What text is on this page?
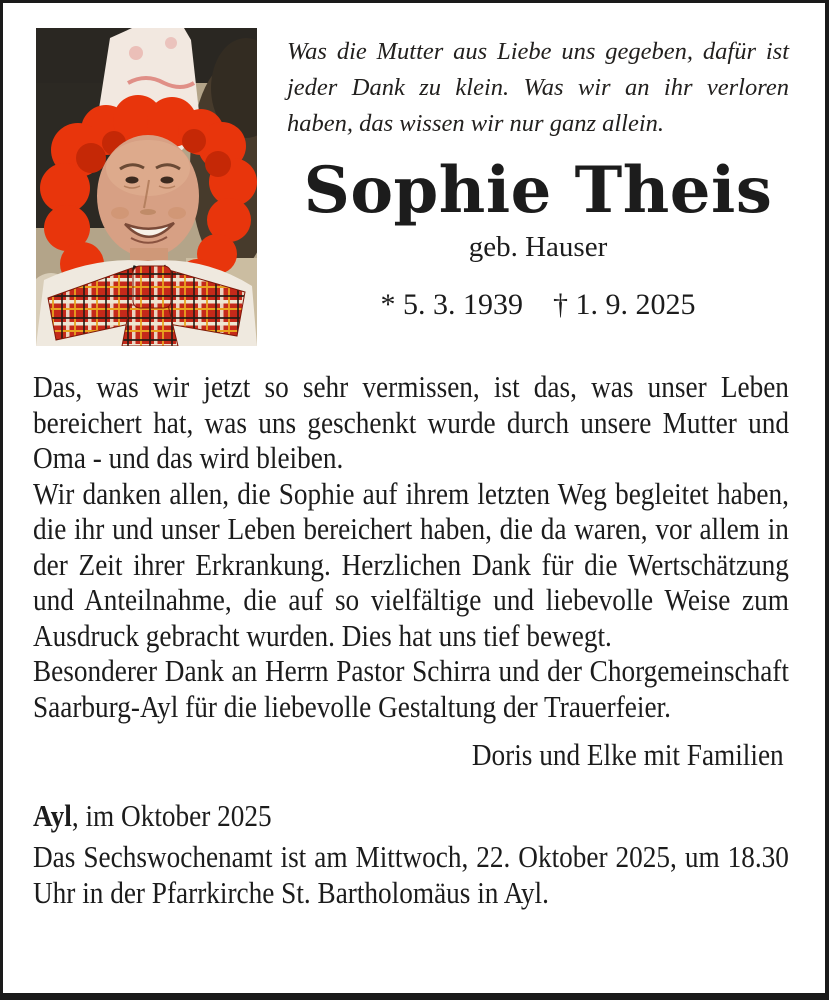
Was die Mutter aus Liebe uns gegeben, dafür ist jeder Dank zu klein. Was wir an ihr verloren haben, das wissen wir nur ganz allein.
Sophie Theis
geb. Hauser
* 5. 3. 1939 † 1. 9. 2025

Das, was wir jetzt so sehr vermissen, ist das, was unser Leben bereichert hat, was uns geschenkt wurde durch unsere Mutter und Oma - und das wird bleiben.

Wir danken allen, die Sophie auf ihrem letzten Weg begleitet haben, die ihr und unser Leben bereichert haben, die da waren, vor allem in der Zeit ihrer Erkrankung. Herzlichen Dank für die Wertschätzung und Anteilnahme, die auf so vielfältige und liebevolle Weise zum Ausdruck gebracht wurden. Dies hat uns tief bewegt.

Besonderer Dank an Herrn Pastor Schirra und der Chorgemeinschaft Saarburg-Ayl für die liebevolle Gestaltung der Trauerfeier.

Doris und Elke mit Familien
Ayl, im Oktober 2025
Das Sechswochenamt ist am Mittwoch, 22. Oktober 2025, um 18.30 Uhr in der Pfarrkirche St. Bartholomäus in Ayl.
